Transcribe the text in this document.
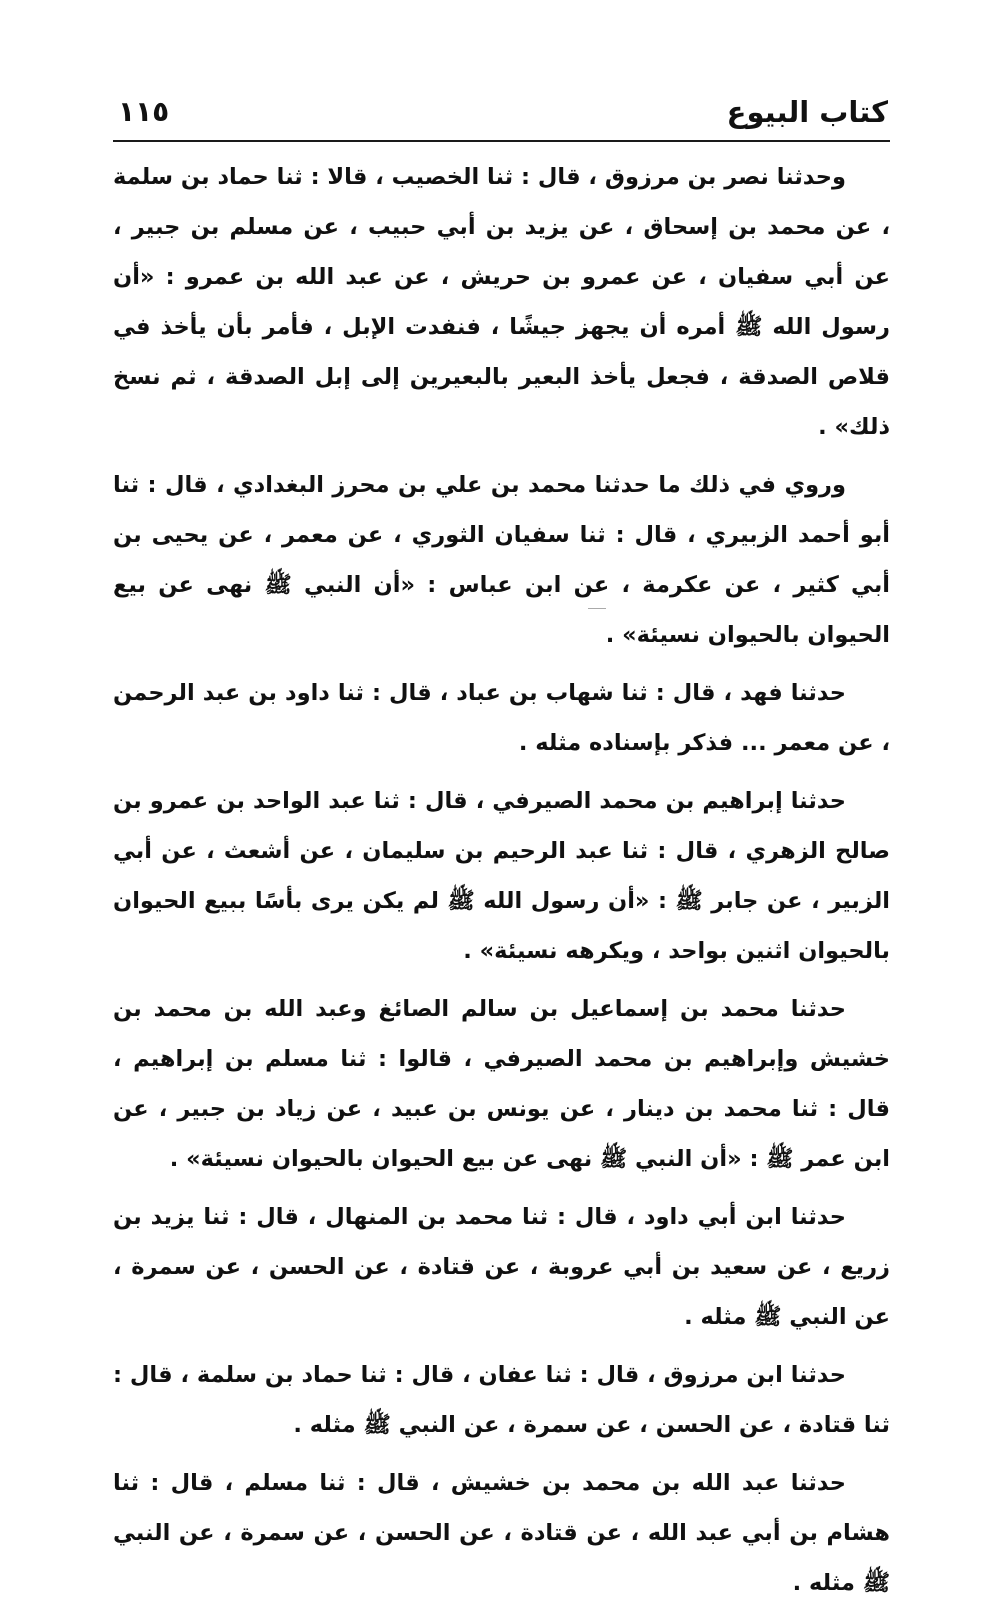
كتاب البيوع
١١٥

وحدثنا نصر بن مرزوق ، قال : ثنا الخصيب ، قالا : ثنا حماد بن سلمة ، عن محمد بن إسحاق ، عن يزيد بن أبي حبيب ، عن مسلم بن جبير ، عن أبي سفيان ، عن عمرو بن حريش ، عن عبد الله بن عمرو : «أن رسول الله ﷺ أمره أن يجهز جيشًا ، فنفدت الإبل ، فأمر بأن يأخذ في قلاص الصدقة ، فجعل يأخذ البعير بالبعيرين إلى إبل الصدقة ، ثم نسخ ذلك» .

وروي في ذلك ما حدثنا محمد بن علي بن محرز البغدادي ، قال : ثنا أبو أحمد الزبيري ، قال : ثنا سفيان الثوري ، عن معمر ، عن يحيى بن أبي كثير ، عن عكرمة ، عن ابن عباس : «أن النبي ﷺ نهى عن بيع الحيوان بالحيوان نسيئة» .

حدثنا فهد ، قال : ثنا شهاب بن عباد ، قال : ثنا داود بن عبد الرحمن ، عن معمر ... فذكر بإسناده مثله .

حدثنا إبراهيم بن محمد الصيرفي ، قال : ثنا عبد الواحد بن عمرو بن صالح الزهري ، قال : ثنا عبد الرحيم بن سليمان ، عن أشعث ، عن أبي الزبير ، عن جابر ﷺ : «أن رسول الله ﷺ لم يكن يرى بأسًا ببيع الحيوان بالحيوان اثنين بواحد ، ويكرهه نسيئة» .

حدثنا محمد بن إسماعيل بن سالم الصائغ وعبد الله بن محمد بن خشيش وإبراهيم بن محمد الصيرفي ، قالوا : ثنا مسلم بن إبراهيم ، قال : ثنا محمد بن دينار ، عن يونس بن عبيد ، عن زياد بن جبير ، عن ابن عمر ﷺ : «أن النبي ﷺ نهى عن بيع الحيوان بالحيوان نسيئة» .

حدثنا ابن أبي داود ، قال : ثنا محمد بن المنهال ، قال : ثنا يزيد بن زريع ، عن سعيد بن أبي عروبة ، عن قتادة ، عن الحسن ، عن سمرة ، عن النبي ﷺ مثله .

حدثنا ابن مرزوق ، قال : ثنا عفان ، قال : ثنا حماد بن سلمة ، قال : ثنا قتادة ، عن الحسن ، عن سمرة ، عن النبي ﷺ مثله .

حدثنا عبد الله بن محمد بن خشيش ، قال : ثنا مسلم ، قال : ثنا هشام بن أبي عبد الله ، عن قتادة ، عن الحسن ، عن سمرة ، عن النبي ﷺ مثله .
